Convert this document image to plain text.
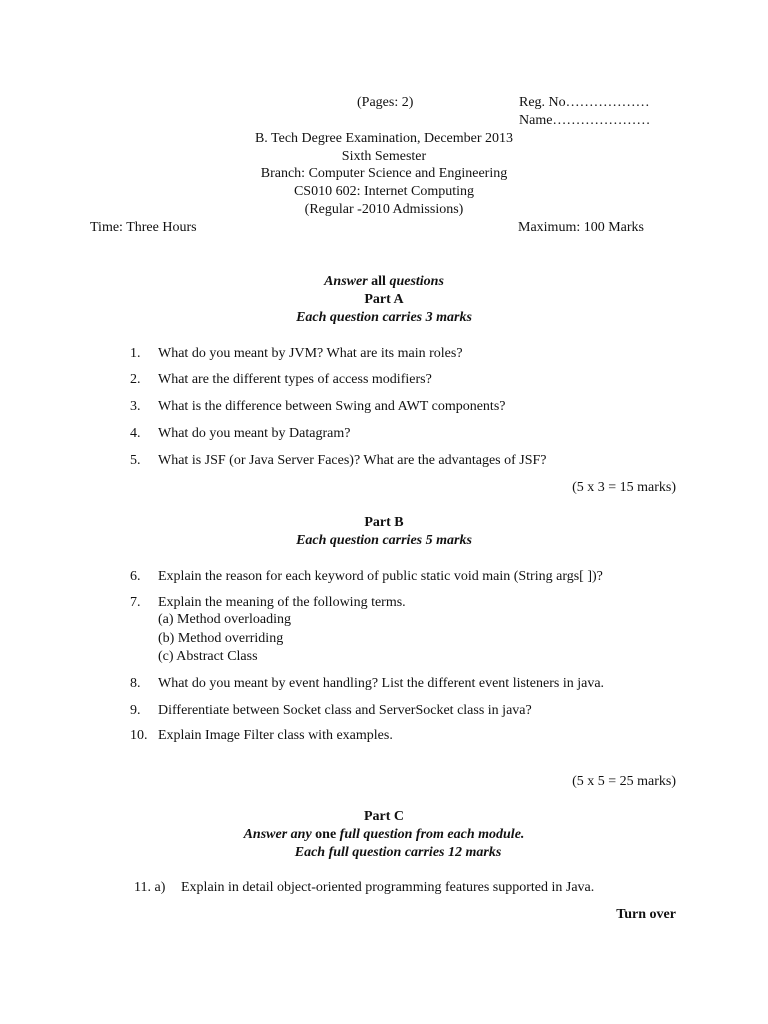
(Pages: 2)	Reg. No………………
Name…………………
B. Tech Degree Examination, December 2013
Sixth Semester
Branch: Computer Science and Engineering
CS010 602: Internet Computing
(Regular -2010 Admissions)
Time: Three Hours	Maximum: 100 Marks
Answer all questions
Part A
Each question carries 3 marks
1. What do you meant by JVM? What are its main roles?
2. What are the different types of access modifiers?
3. What is the difference between Swing and AWT components?
4. What do you meant by Datagram?
5. What is JSF (or Java Server Faces)? What are the advantages of JSF?
(5 x 3 = 15 marks)
Part B
Each question carries 5 marks
6. Explain the reason for each keyword of public static void main (String args[ ])?
7. Explain the meaning of the following terms.
(a) Method overloading
(b) Method overriding
(c) Abstract Class
8. What do you meant by event handling? List the different event listeners in java.
9. Differentiate between Socket class and ServerSocket class in java?
10. Explain Image Filter class with examples.
(5 x 5 = 25 marks)
Part C
Answer any one full question from each module.
Each full question carries 12 marks
11. a) Explain in detail object-oriented programming features supported in Java.
Turn over
